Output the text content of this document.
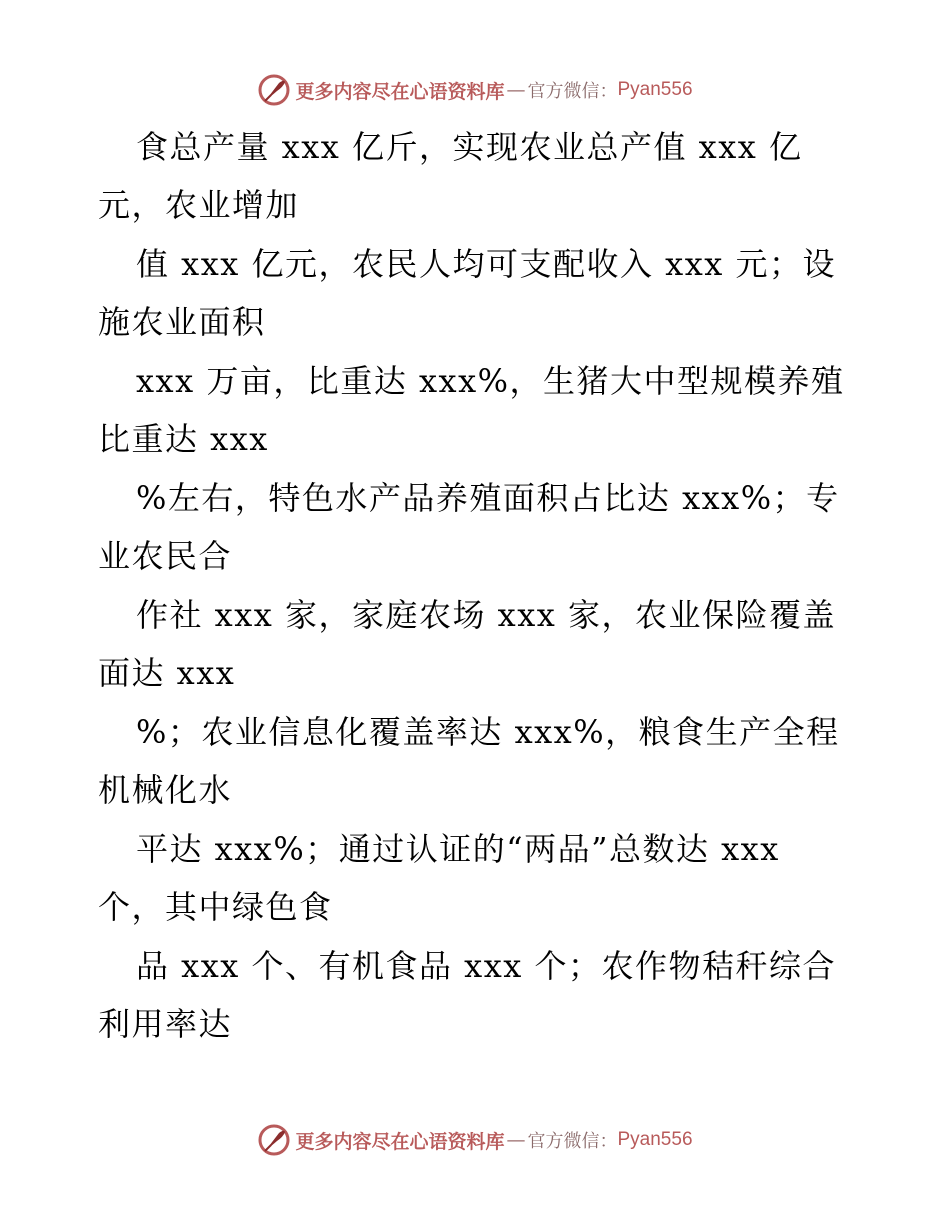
更多内容尽在心语资料库 — 官方微信： Pyan556
食总产量 xxx 亿斤，实现农业总产值 xxx 亿
元，农业增加
值 xxx 亿元，农民人均可支配收入 xxx 元；设
施农业面积
xxx 万亩，比重达 xxx%，生猪大中型规模养殖
比重达 xxx
%左右，特色水产品养殖面积占比达 xxx%；专
业农民合
作社 xxx 家，家庭农场 xxx 家，农业保险覆盖
面达 xxx
%；农业信息化覆盖率达 xxx%，粮食生产全程
机械化水
平达 xxx%；通过认证的“两品”总数达 xxx
个，其中绿色食
品 xxx 个、有机食品 xxx 个；农作物秸秆综合
利用率达
更多内容尽在心语资料库 — 官方微信： Pyan556
